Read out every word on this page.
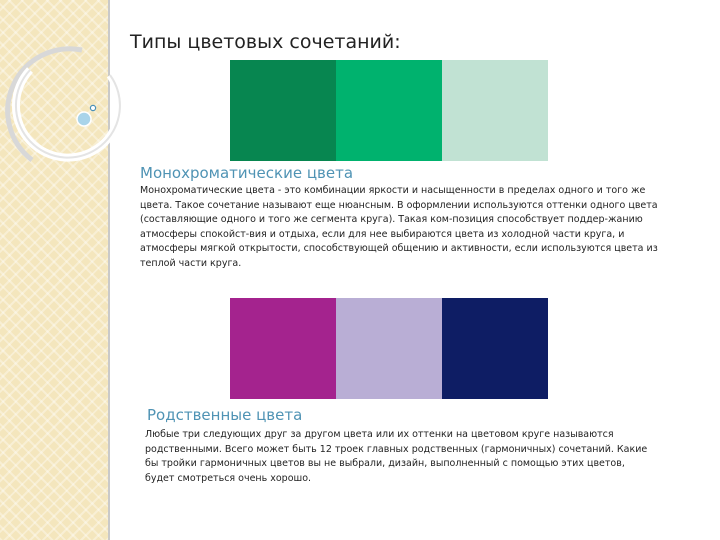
Типы цветовых сочетаний:
Монохроматические цвета

Монохроматические цвета - это комбинации яркости и насыщенности в пределах одного и того же цвета. Такое сочетание называют еще нюансным. В оформлении используются оттенки одного цвета (составляющие одного и того же сегмента круга). Такая ком-позиция способствует поддер-жанию атмосферы спокойст-вия и отдыха, если для нее выбираются цвета из холодной части круга, и атмосферы мягкой открытости, способствующей общению и активности, если используются цвета из теплой части круга.

Родственные цвета

Любые три следующих друг за другом цвета или их оттенки на цветовом круге называются родственными. Всего может быть 12 троек главных родственных (гармоничных) сочетаний. Какие бы тройки гармоничных цветов вы не выбрали, дизайн, выполненный с помощью этих цветов, будет смотреться очень хорошо.
